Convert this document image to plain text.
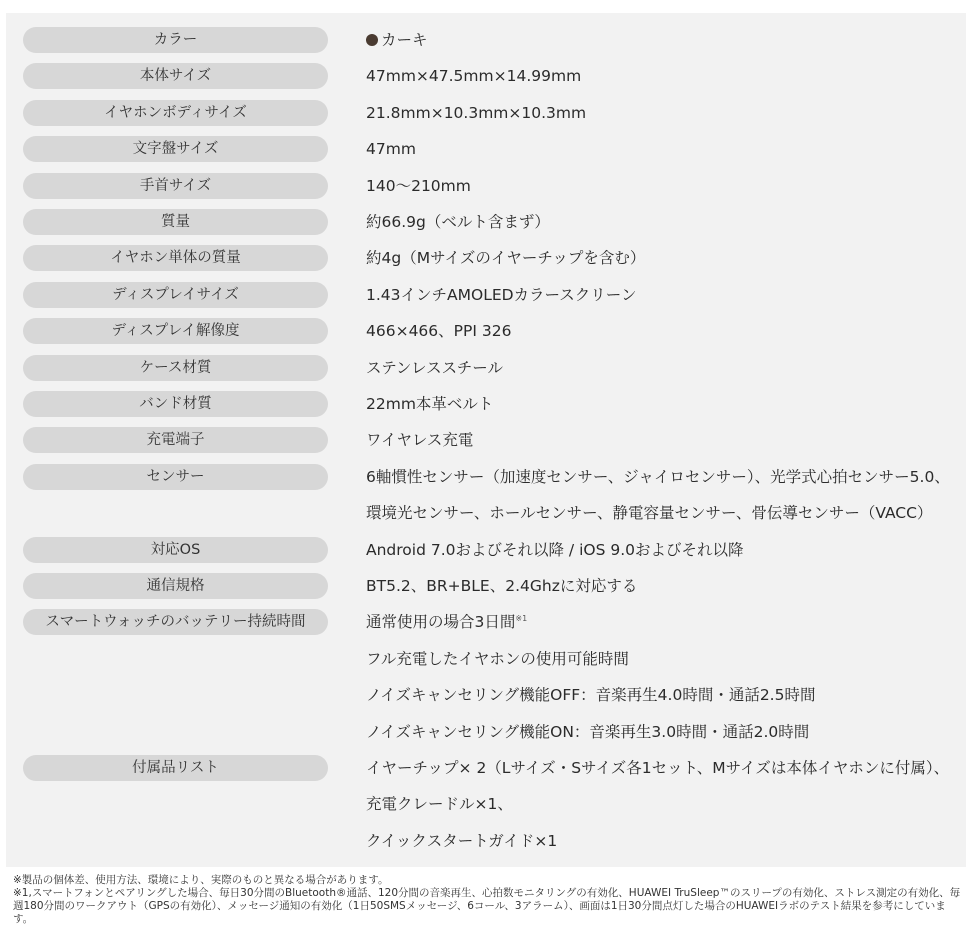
カラー	カーキ
本体サイズ	47mm×47.5mm×14.99mm
イヤホンボディサイズ	21.8mm×10.3mm×10.3mm
文字盤サイズ	47mm
手首サイズ	140〜210mm
質量	約66.9g（ベルト含まず）
イヤホン単体の質量	約4g（Mサイズのイヤーチップを含む）
ディスプレイサイズ	1.43インチAMOLEDカラースクリーン
ディスプレイ解像度	466×466、PPI 326
ケース材質	ステンレススチール
バンド材質	22mm本革ベルト
充電端子	ワイヤレス充電
センサー	6軸慣性センサー（加速度センサー、ジャイロセンサー）、光学式心拍センサー5.0、
環境光センサー、ホールセンサー、静電容量センサー、骨伝導センサー（VACC）
対応OS	Android 7.0およびそれ以降 / iOS 9.0およびそれ以降
通信規格	BT5.2、BR+BLE、2.4Ghzに対応する
スマートウォッチのバッテリー持続時間	通常使用の場合3日間$^{※1}$
フル充電したイヤホンの使用可能時間
ノイズキャンセリング機能OFF：音楽再生4.0時間・通話2.5時間
ノイズキャンセリング機能ON：音楽再生3.0時間・通話2.0時間
付属品リスト	イヤーチップ× 2（Lサイズ・Sサイズ各1セット、Mサイズは本体イヤホンに付属）、
充電クレードル×1、
クイックスタートガイド×1

※製品の個体差、使用方法、環境により、実際のものと異なる場合があります。

※1,スマートフォンとペアリングした場合、毎日30分間のBluetooth®通話、120分間の音楽再生、心拍数モニタリングの有効化、HUAWEI TruSleep™のスリープの有効化、ストレス測定の有効化、毎週180分間のワークアウト（GPSの有効化）、メッセージ通知の有効化（1日50SMSメッセージ、6コール、3アラーム）、画面は1日30分間点灯した場合のHUAWEIラボのテスト結果を参考にしています。
